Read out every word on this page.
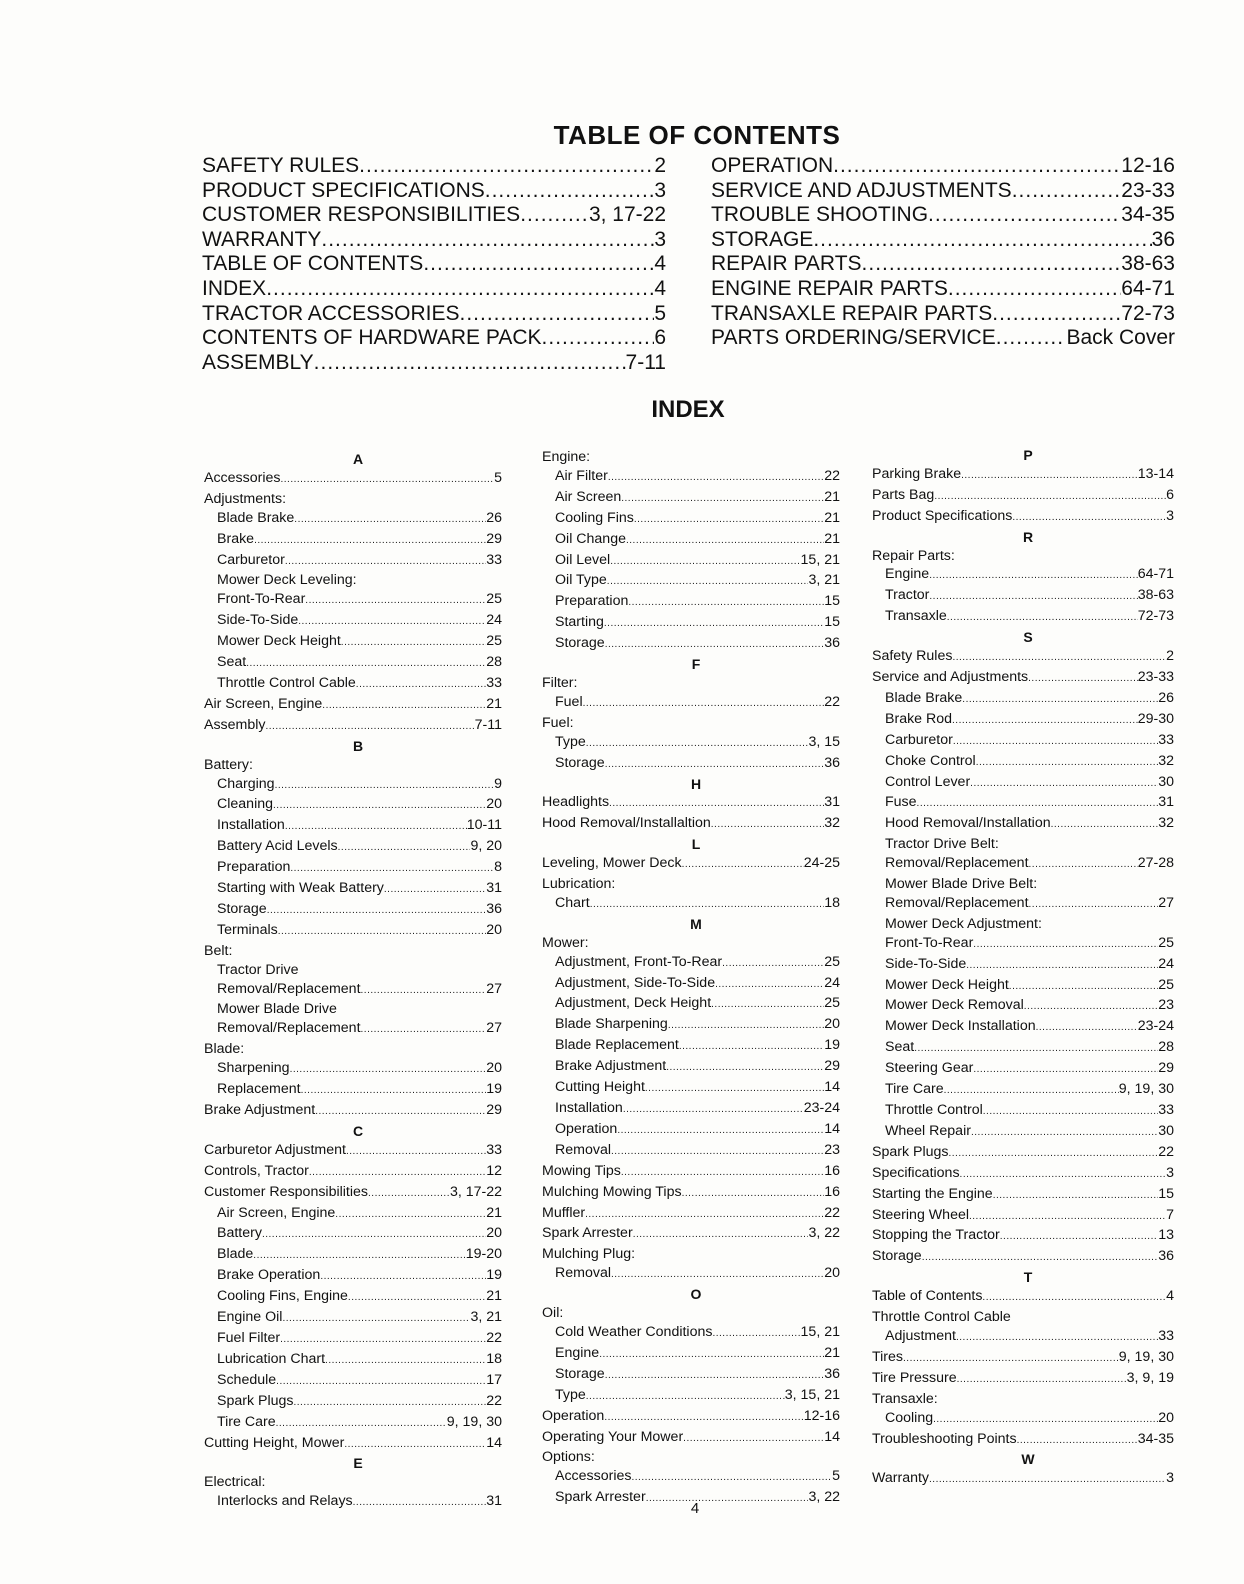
TABLE OF CONTENTS
SAFETY RULES .....	2
PRODUCT SPECIFICATIONS .....	3
CUSTOMER RESPONSIBILITIES .....	3, 17-22
WARRANTY .....	3
TABLE OF CONTENTS .....	4
INDEX .....	4
TRACTOR ACCESSORIES .....	5
CONTENTS OF HARDWARE PACK .....	6
ASSEMBLY .....	7-11
OPERATION .....	12-16
SERVICE AND ADJUSTMENTS .....	23-33
TROUBLE SHOOTING .....	34-35
STORAGE .....	36
REPAIR PARTS .....	38-63
ENGINE REPAIR PARTS .....	64-71
TRANSAXLE REPAIR PARTS .....	72-73
PARTS ORDERING/SERVICE .....	Back Cover
INDEX
A
Accessories .....	5
Adjustments:
Blade Brake .....	26
Brake .....	29
Carburetor .....	33
Mower Deck Leveling:
Front-To-Rear .....	25
Side-To-Side .....	24
Mower Deck Height .....	25
Seat .....	28
Throttle Control Cable .....	33
Air Screen, Engine .....	21
Assembly .....	7-11
B
Battery:
Charging .....	9
Cleaning .....	20
Installation .....	10-11
Battery Acid Levels .....	9, 20
Preparation .....	8
Starting with Weak Battery .....	31
Storage .....	36
Terminals .....	20
Belt:
Tractor Drive
Removal/Replacement .....	27
Mower Blade Drive
Removal/Replacement .....	27
Blade:
Sharpening .....	20
Replacement .....	19
Brake Adjustment .....	29
C
Carburetor Adjustment .....	33
Controls, Tractor .....	12
Customer Responsibilities .....	3, 17-22
Air Screen, Engine .....	21
Battery .....	20
Blade .....	19-20
Brake Operation .....	19
Cooling Fins, Engine .....	21
Engine Oil .....	3, 21
Fuel Filter .....	22
Lubrication Chart .....	18
Schedule .....	17
Spark Plugs .....	22
Tire Care .....	9, 19, 30
Cutting Height, Mower .....	14
E
Electrical:
Interlocks and Relays .....	31
Engine:
Air Filter .....	22
Air Screen .....	21
Cooling Fins .....	21
Oil Change .....	21
Oil Level .....	15, 21
Oil Type .....	3, 21
Preparation .....	15
Starting .....	15
Storage .....	36
F
Filter:
Fuel .....	22
Fuel:
Type .....	3, 15
Storage .....	36
H
Headlights .....	31
Hood Removal/Installaltion .....	32
L
Leveling, Mower Deck .....	24-25
Lubrication:
Chart .....	18
M
Mower:
Adjustment, Front-To-Rear .....	25
Adjustment, Side-To-Side .....	24
Adjustment, Deck Height .....	25
Blade Sharpening .....	20
Blade Replacement .....	19
Brake Adjustment .....	29
Cutting Height .....	14
Installation .....	23-24
Operation .....	14
Removal .....	23
Mowing Tips .....	16
Mulching Mowing Tips .....	16
Muffler .....	22
Spark Arrester .....	3, 22
Mulching Plug:
Removal .....	20
O
Oil:
Cold Weather Conditions .....	15, 21
Engine .....	21
Storage .....	36
Type .....	3, 15, 21
Operation .....	12-16
Operating Your Mower .....	14
Options:
Accessories .....	5
Spark Arrester .....	3, 22
P
Parking Brake .....	13-14
Parts Bag .....	6
Product Specifications .....	3
R
Repair Parts:
Engine .....	64-71
Tractor .....	38-63
Transaxle .....	72-73
S
Safety Rules .....	2
Service and Adjustments .....	23-33
Blade Brake .....	26
Brake Rod .....	29-30
Carburetor .....	33
Choke Control .....	32
Control Lever .....	30
Fuse .....	31
Hood Removal/Installation .....	32
Tractor Drive Belt:
Removal/Replacement .....	27-28
Mower Blade Drive Belt:
Removal/Replacement .....	27
Mower Deck Adjustment:
Front-To-Rear .....	25
Side-To-Side .....	24
Mower Deck Height .....	25
Mower Deck Removal .....	23
Mower Deck Installation .....	23-24
Seat .....	28
Steering Gear .....	29
Tire Care .....	9, 19, 30
Throttle Control .....	33
Wheel Repair .....	30
Spark Plugs .....	22
Specifications .....	3
Starting the Engine .....	15
Steering Wheel .....	7
Stopping the Tractor .....	13
Storage .....	36
T
Table of Contents .....	4
Throttle Control Cable
Adjustment .....	33
Tires .....	9, 19, 30
Tire Pressure .....	3, 9, 19
Transaxle:
Cooling .....	20
Troubleshooting Points .....	34-35
W
Warranty .....	3
4
